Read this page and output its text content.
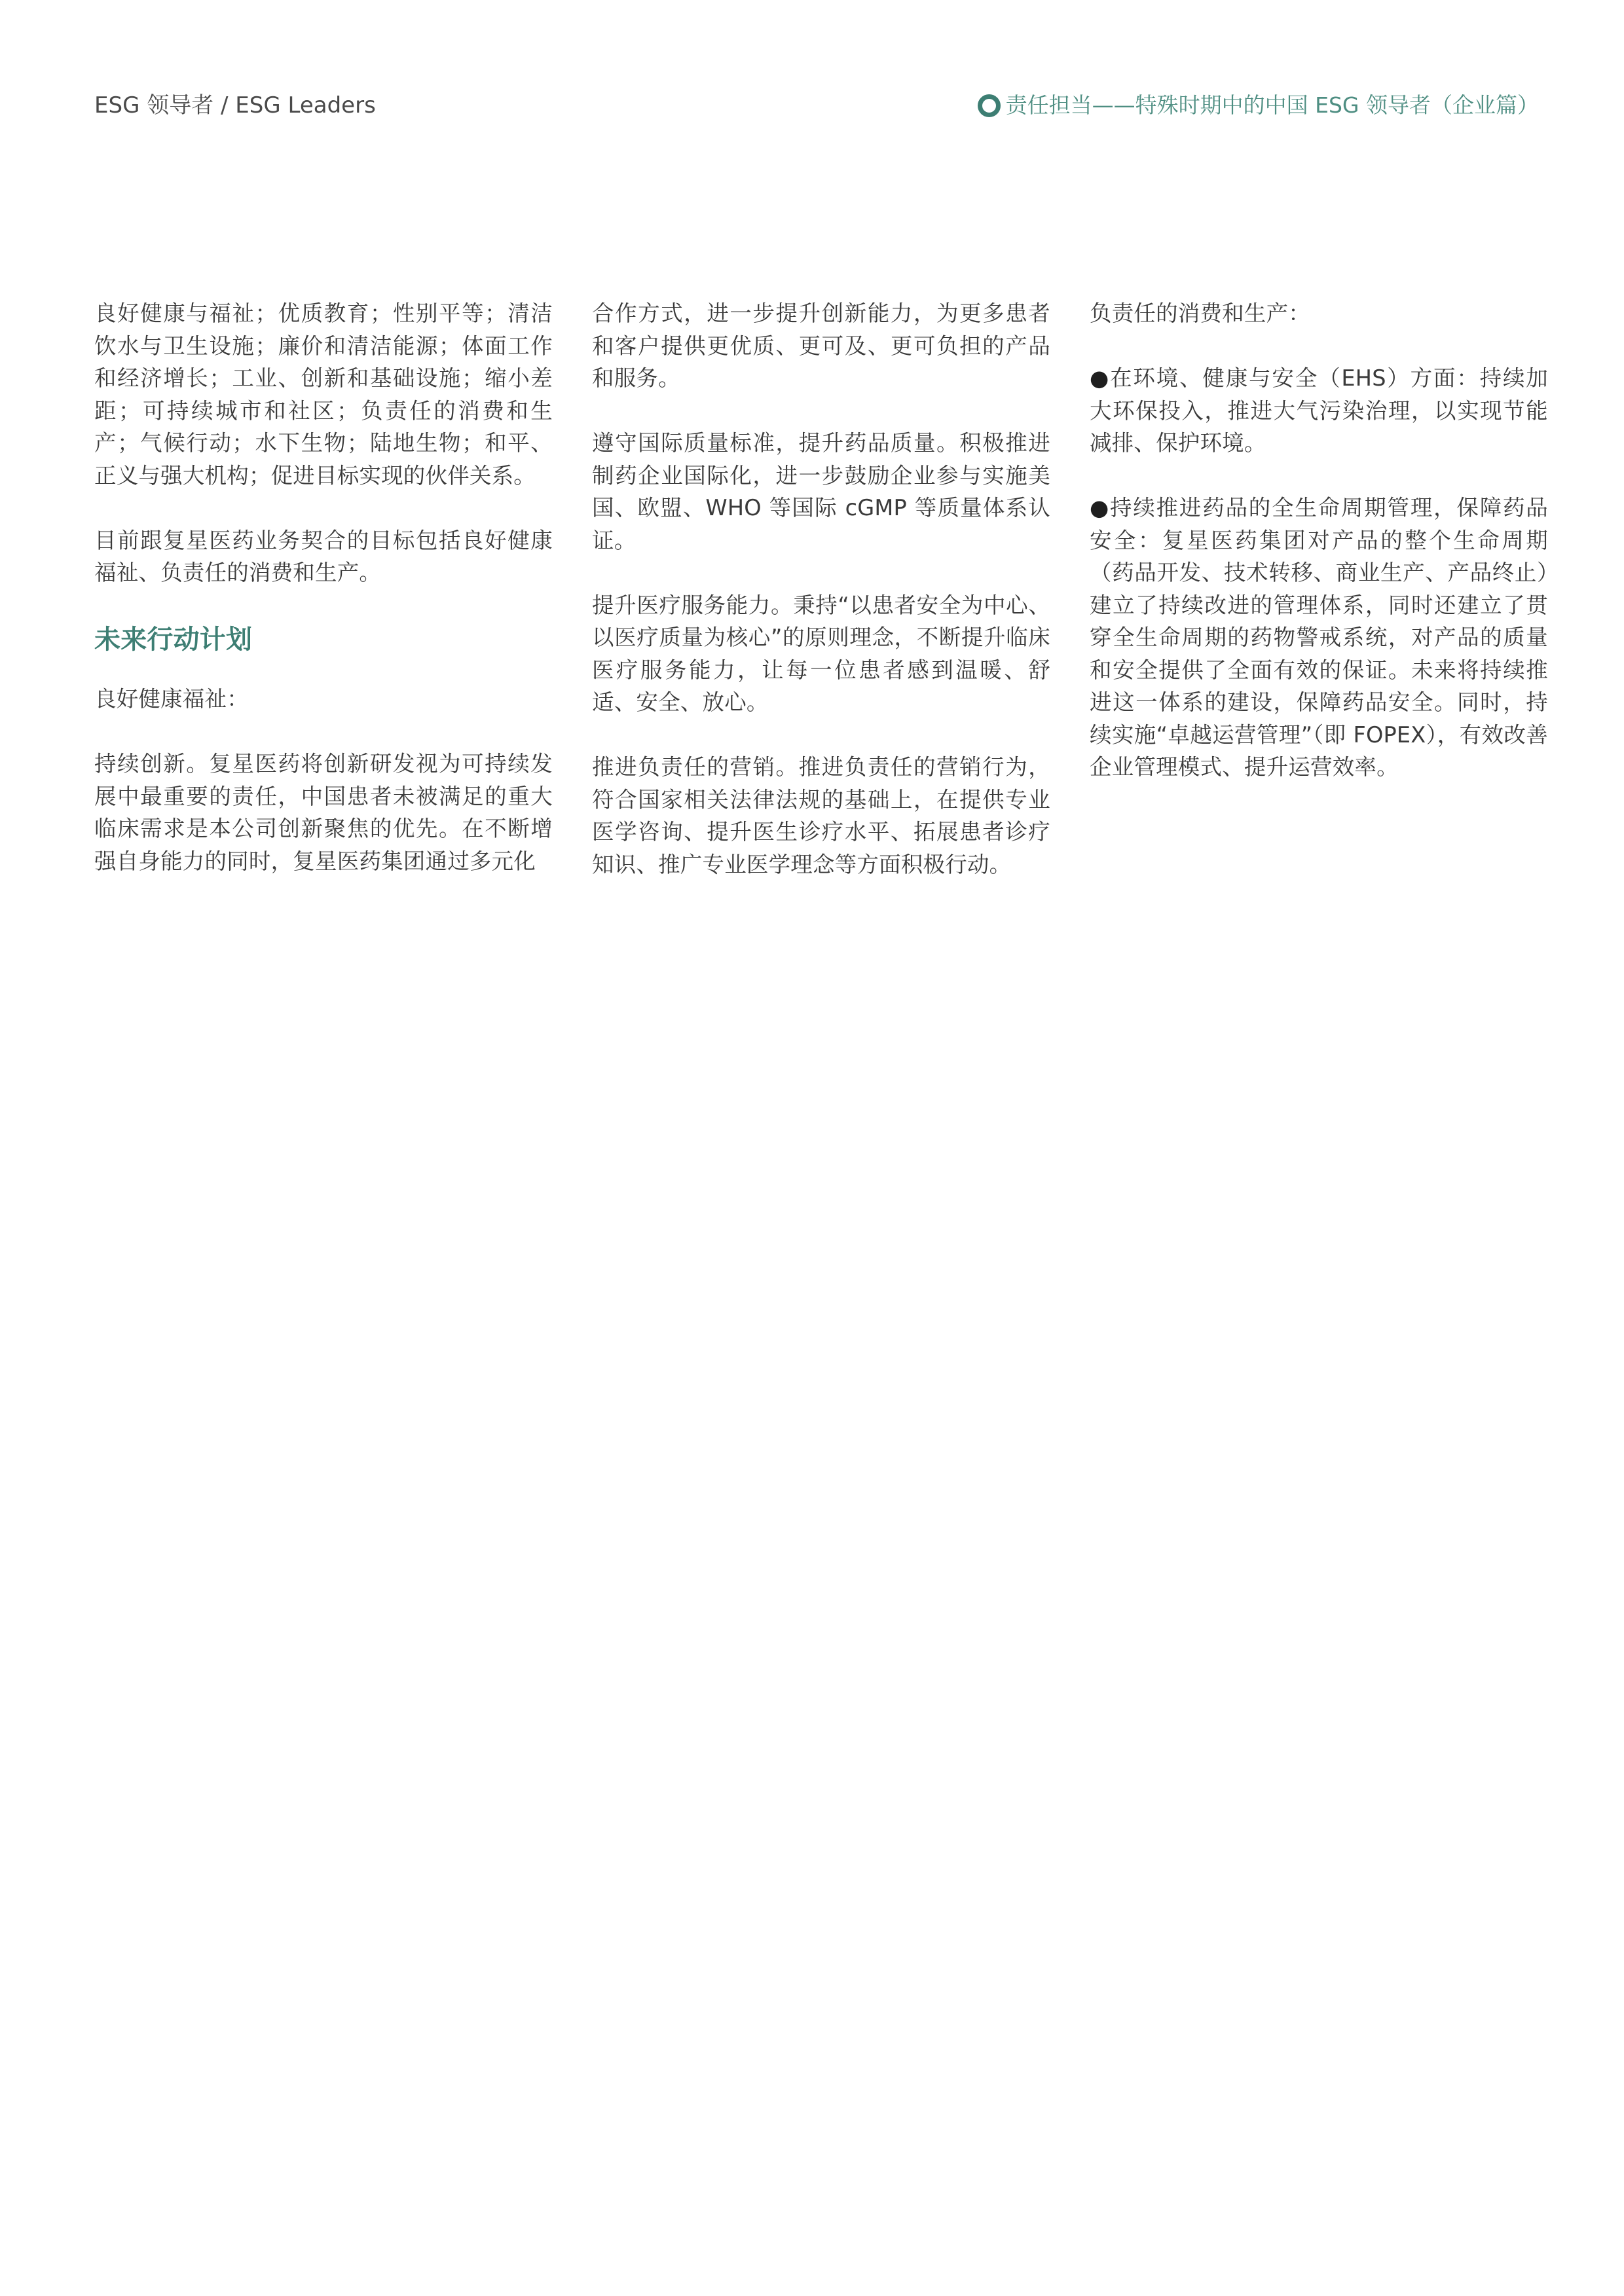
ESG 领导者 / ESG Leaders	责任担当——特殊时期中的中国 ESG 领导者（企业篇）

良好健康与福祉；优质教育；性别平等；清洁饮水与卫生设施；廉价和清洁能源；体面工作和经济增长；工业、创新和基础设施；缩小差距；可持续城市和社区；负责任的消费和生产；气候行动；水下生物；陆地生物；和平、正义与强大机构；促进目标实现的伙伴关系。

目前跟复星医药业务契合的目标包括良好健康福祉、负责任的消费和生产。

未来行动计划

良好健康福祉：

持续创新。复星医药将创新研发视为可持续发展中最重要的责任，中国患者未被满足的重大临床需求是本公司创新聚焦的优先。在不断增强自身能力的同时，复星医药集团通过多元化

合作方式，进一步提升创新能力，为更多患者和客户提供更优质、更可及、更可负担的产品和服务。

遵守国际质量标准，提升药品质量。积极推进制药企业国际化，进一步鼓励企业参与实施美国、欧盟、WHO 等国际 cGMP 等质量体系认证。

提升医疗服务能力。秉持“以患者安全为中心、以医疗质量为核心”的原则理念，不断提升临床医疗服务能力，让每一位患者感到温暖、舒适、安全、放心。

推进负责任的营销。推进负责任的营销行为，符合国家相关法律法规的基础上，在提供专业医学咨询、提升医生诊疗水平、拓展患者诊疗知识、推广专业医学理念等方面积极行动。

负责任的消费和生产：

●在环境、健康与安全（EHS）方面：持续加大环保投入，推进大气污染治理，以实现节能减排、保护环境。

●持续推进药品的全生命周期管理，保障药品安全：复星医药集团对产品的整个生命周期（药品开发、技术转移、商业生产、产品终止）建立了持续改进的管理体系，同时还建立了贯穿全生命周期的药物警戒系统，对产品的质量和安全提供了全面有效的保证。未来将持续推进这一体系的建设，保障药品安全。同时，持续实施“卓越运营管理”（即 FOPEX），有效改善企业管理模式、提升运营效率。
